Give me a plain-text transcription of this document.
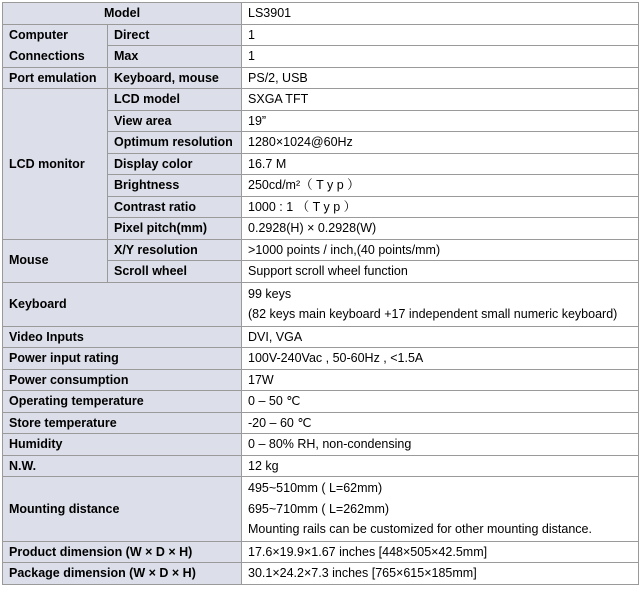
Model		LS3901
Computer Connections	Direct	1
	Max	1
Port emulation	Keyboard, mouse	PS/2, USB
LCD monitor	LCD model	SXGA TFT
	View area	19”
	Optimum resolution	1280×1024@60Hz
	Display color	16.7 M
	Brightness	250cd/m²（ T y p ）
	Contrast ratio	1000 : 1 （ T y p ）
	Pixel pitch(mm)	0.2928(H) × 0.2928(W)
Mouse	X/Y resolution	>1000 points / inch,(40 points/mm)
	Scroll wheel	Support scroll wheel function
Keyboard		99 keys
(82 keys main keyboard +17 independent small numeric keyboard)

Video Inputs		DVI, VGA
Power input rating		100V-240Vac , 50-60Hz , <1.5A
Power consumption		17W
Operating temperature		0 – 50 ℃
Store temperature		-20 – 60 ℃
Humidity		0 – 80% RH, non-condensing
N.W.		12 kg
Mounting distance		495~510mm ( L=62mm)
695~710mm ( L=262mm)
Mounting rails can be customized for other mounting distance.

Product dimension (W × D × H)		17.6×19.9×1.67 inches [448×505×42.5mm]
Package dimension (W × D × H)		30.1×24.2×7.3 inches [765×615×185mm]
